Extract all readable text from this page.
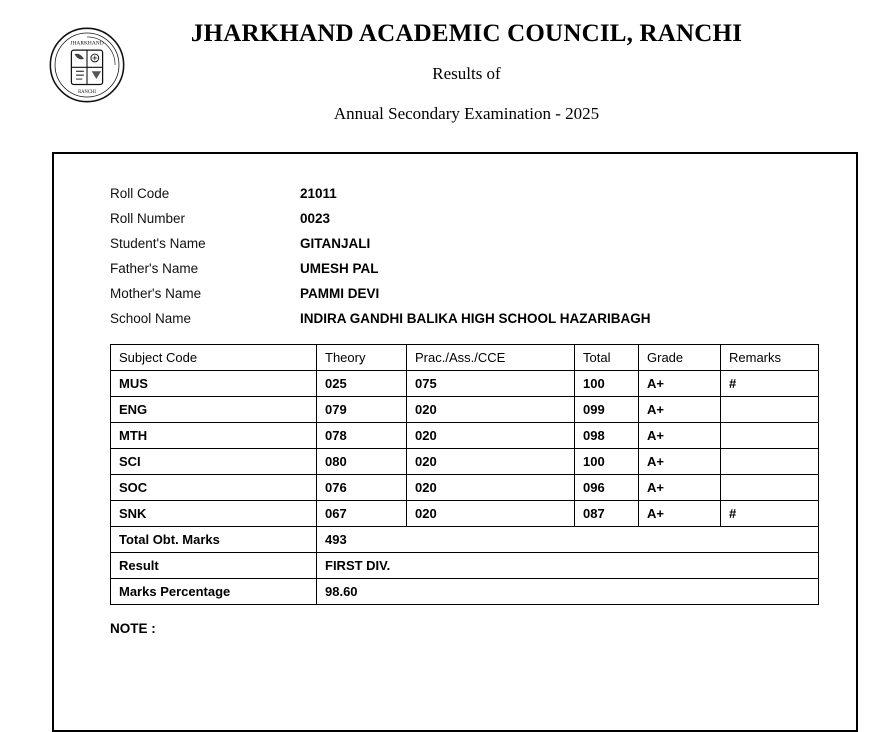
JHARKHAND
RANCHI
JHARKHAND ACADEMIC COUNCIL, RANCHI
Results of
Annual Secondary Examination - 2025
Roll Code	21011
Roll Number	0023
Student's Name	GITANJALI
Father's Name	UMESH PAL
Mother's Name	PAMMI DEVI
School Name	INDIRA GANDHI BALIKA HIGH SCHOOL HAZARIBAGH
Subject Code	Theory	Prac./Ass./CCE	Total	Grade	Remarks
MUS	025	075	100	A+	#
ENG	079	020	099	A+	
MTH	078	020	098	A+	
SCI	080	020	100	A+	
SOC	076	020	096	A+	
SNK	067	020	087	A+	#
Total Obt. Marks	493				
Result	FIRST DIV.				
Marks Percentage	98.60				
NOTE :
